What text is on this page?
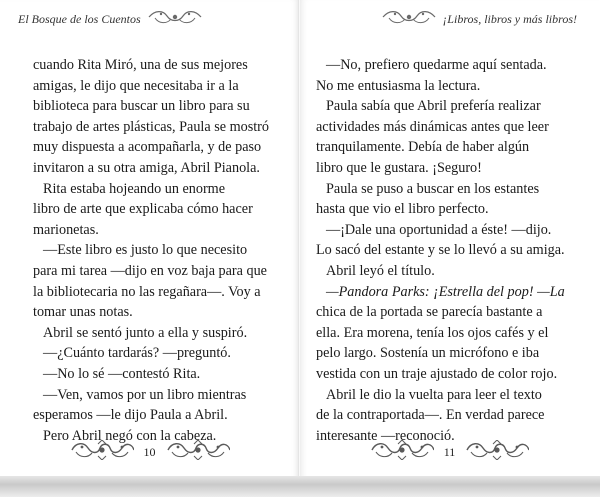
El Bosque de los Cuentos
cuando Rita Miró, una de sus mejores
amigas, le dijo que necesitaba ir a la
biblioteca para buscar un libro para su
trabajo de artes plásticas, Paula se mostró
muy dispuesta a acompañarla, y de paso
invitaron a su otra amiga, Abril Pianola.
Rita estaba hojeando un enorme
libro de arte que explicaba cómo hacer
marionetas.
—Este libro es justo lo que necesito
para mi tarea —dijo en voz baja para que
la bibliotecaria no las regañara—. Voy a
tomar unas notas.
Abril se sentó junto a ella y suspiró.
—¿Cuánto tardarás? —preguntó.
—No lo sé —contestó Rita.
—Ven, vamos por un libro mientras
esperamos —le dijo Paula a Abril.
Pero Abril negó con la cabeza.
10
¡Libros, libros y más libros!
—No, prefiero quedarme aquí sentada.
No me entusiasma la lectura.
Paula sabía que Abril prefería realizar
actividades más dinámicas antes que leer
tranquilamente. Debía de haber algún
libro que le gustara. ¡Seguro!
Paula se puso a buscar en los estantes
hasta que vio el libro perfecto.
—¡Dale una oportunidad a éste! —dijo.
Lo sacó del estante y se lo llevó a su amiga.
Abril leyó el título.
—Pandora Parks: ¡Estrella del pop! —La
chica de la portada se parecía bastante a
ella. Era morena, tenía los ojos cafés y el
pelo largo. Sostenía un micrófono e iba
vestida con un traje ajustado de color rojo.
Abril le dio la vuelta para leer el texto
de la contraportada—. En verdad parece
interesante —reconoció.
11
